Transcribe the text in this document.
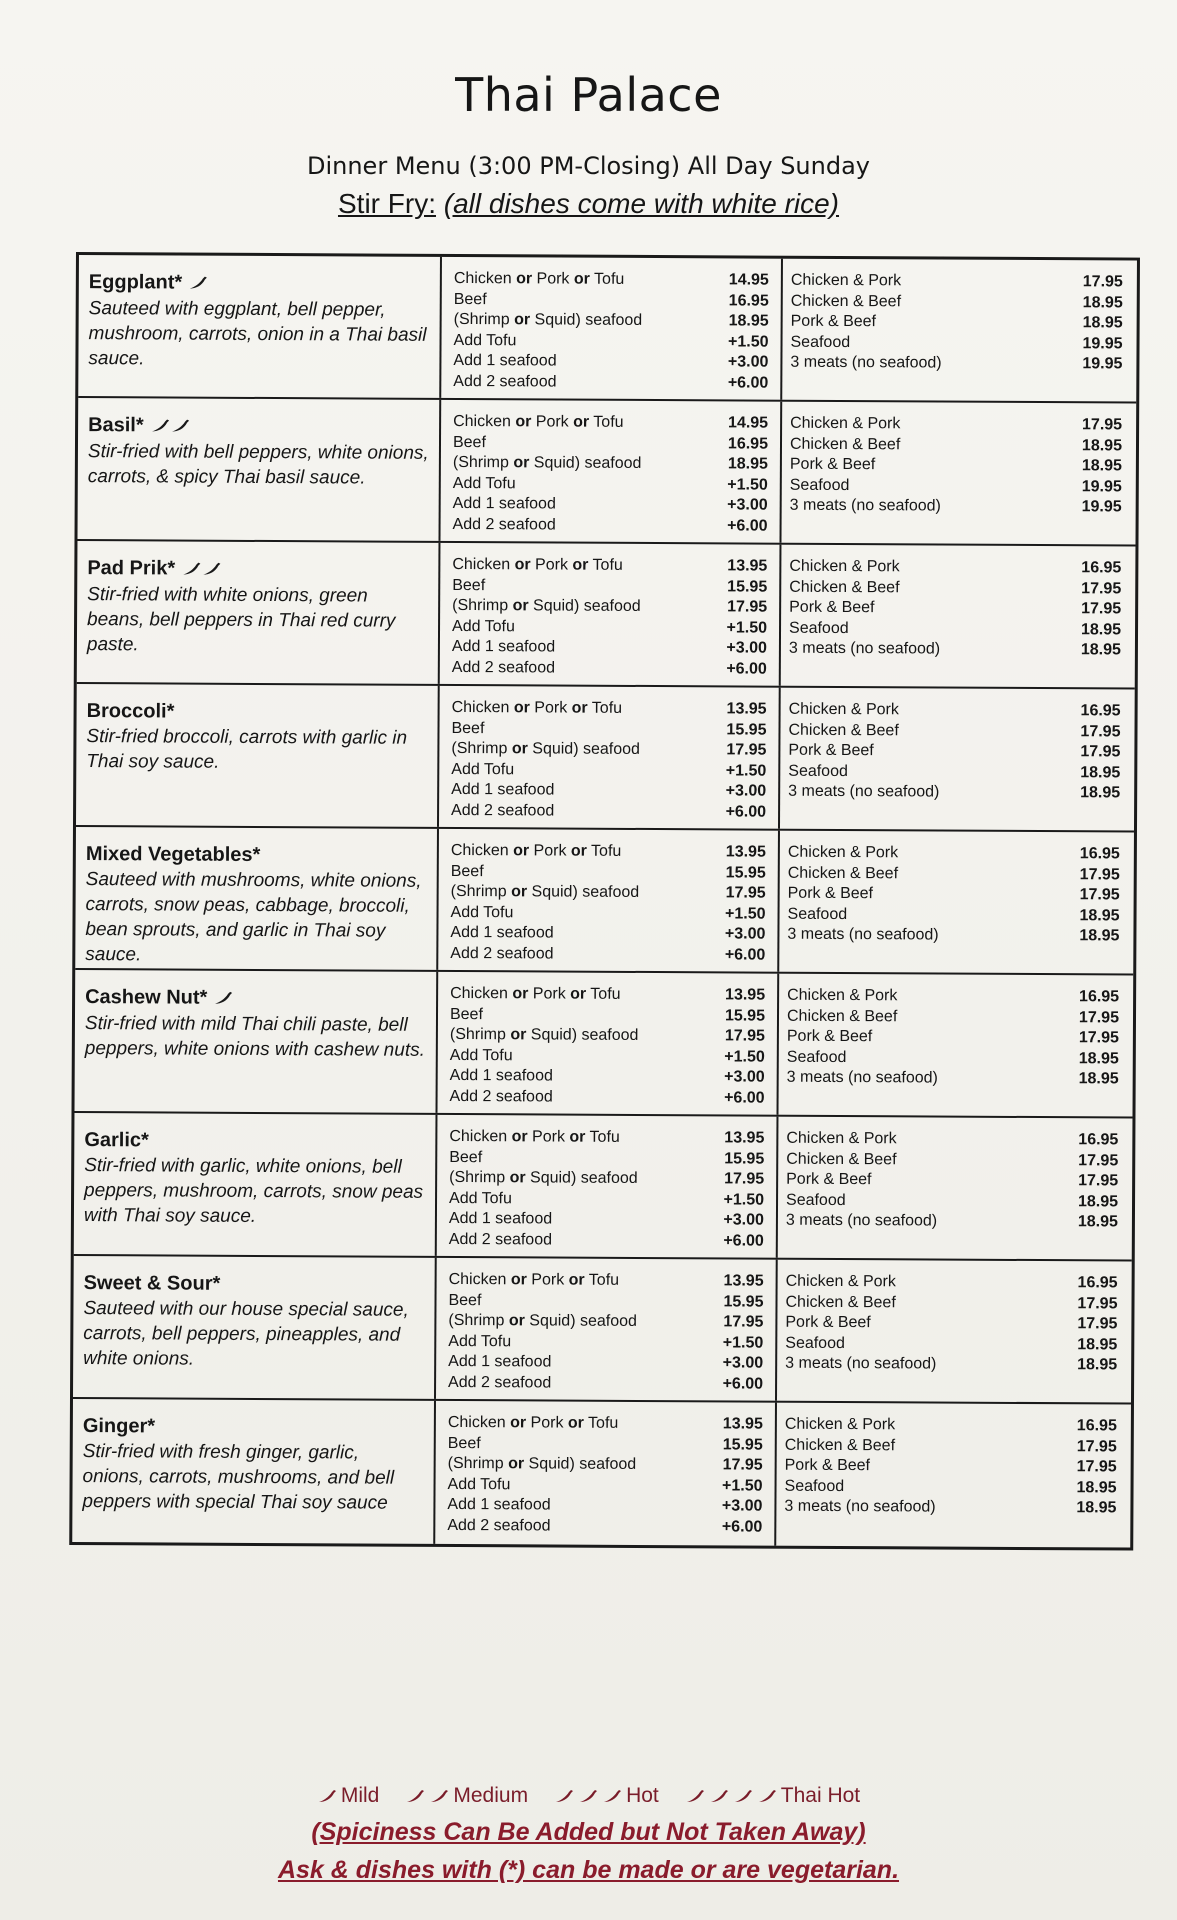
Thai Palace
Dinner Menu (3:00 PM-Closing) All Day Sunday
Stir Fry: (all dishes come with white rice)
Eggplant*
Sauteed with eggplant, bell pepper, mushroom, carrots, onion in a Thai basil sauce.
Chicken or Pork or Tofu	14.95
Beef	16.95
(Shrimp or Squid) seafood	18.95
Add Tofu	+1.50
Add 1 seafood	+3.00
Add 2 seafood	+6.00
Chicken & Pork	17.95
Chicken & Beef	18.95
Pork & Beef	18.95
Seafood	19.95
3 meats (no seafood)	19.95
Basil*
Stir-fried with bell peppers, white onions, carrots, & spicy Thai basil sauce.
Chicken or Pork or Tofu	14.95
Beef	16.95
(Shrimp or Squid) seafood	18.95
Add Tofu	+1.50
Add 1 seafood	+3.00
Add 2 seafood	+6.00
Chicken & Pork	17.95
Chicken & Beef	18.95
Pork & Beef	18.95
Seafood	19.95
3 meats (no seafood)	19.95
Pad Prik*
Stir-fried with white onions, green beans, bell peppers in Thai red curry paste.
Chicken or Pork or Tofu	13.95
Beef	15.95
(Shrimp or Squid) seafood	17.95
Add Tofu	+1.50
Add 1 seafood	+3.00
Add 2 seafood	+6.00
Chicken & Pork	16.95
Chicken & Beef	17.95
Pork & Beef	17.95
Seafood	18.95
3 meats (no seafood)	18.95
Broccoli*
Stir-fried broccoli, carrots with garlic in Thai soy sauce.
Chicken or Pork or Tofu	13.95
Beef	15.95
(Shrimp or Squid) seafood	17.95
Add Tofu	+1.50
Add 1 seafood	+3.00
Add 2 seafood	+6.00
Chicken & Pork	16.95
Chicken & Beef	17.95
Pork & Beef	17.95
Seafood	18.95
3 meats (no seafood)	18.95
Mixed Vegetables*
Sauteed with mushrooms, white onions, carrots, snow peas, cabbage, broccoli, bean sprouts, and garlic in Thai soy sauce.
Chicken or Pork or Tofu	13.95
Beef	15.95
(Shrimp or Squid) seafood	17.95
Add Tofu	+1.50
Add 1 seafood	+3.00
Add 2 seafood	+6.00
Chicken & Pork	16.95
Chicken & Beef	17.95
Pork & Beef	17.95
Seafood	18.95
3 meats (no seafood)	18.95
Cashew Nut*
Stir-fried with mild Thai chili paste, bell peppers, white onions with cashew nuts.
Chicken or Pork or Tofu	13.95
Beef	15.95
(Shrimp or Squid) seafood	17.95
Add Tofu	+1.50
Add 1 seafood	+3.00
Add 2 seafood	+6.00
Chicken & Pork	16.95
Chicken & Beef	17.95
Pork & Beef	17.95
Seafood	18.95
3 meats (no seafood)	18.95
Garlic*
Stir-fried with garlic, white onions, bell peppers, mushroom, carrots, snow peas with Thai soy sauce.
Chicken or Pork or Tofu	13.95
Beef	15.95
(Shrimp or Squid) seafood	17.95
Add Tofu	+1.50
Add 1 seafood	+3.00
Add 2 seafood	+6.00
Chicken & Pork	16.95
Chicken & Beef	17.95
Pork & Beef	17.95
Seafood	18.95
3 meats (no seafood)	18.95
Sweet & Sour*
Sauteed with our house special sauce, carrots, bell peppers, pineapples, and white onions.
Chicken or Pork or Tofu	13.95
Beef	15.95
(Shrimp or Squid) seafood	17.95
Add Tofu	+1.50
Add 1 seafood	+3.00
Add 2 seafood	+6.00
Chicken & Pork	16.95
Chicken & Beef	17.95
Pork & Beef	17.95
Seafood	18.95
3 meats (no seafood)	18.95
Ginger*
Stir-fried with fresh ginger, garlic, onions, carrots, mushrooms, and bell peppers with special Thai soy sauce
Chicken or Pork or Tofu	13.95
Beef	15.95
(Shrimp or Squid) seafood	17.95
Add Tofu	+1.50
Add 1 seafood	+3.00
Add 2 seafood	+6.00
Chicken & Pork	16.95
Chicken & Beef	17.95
Pork & Beef	17.95
Seafood	18.95
3 meats (no seafood)	18.95
Mild	Medium	Hot	Thai Hot
(Spiciness Can Be Added but Not Taken Away)
Ask & dishes with (*) can be made or are vegetarian.
